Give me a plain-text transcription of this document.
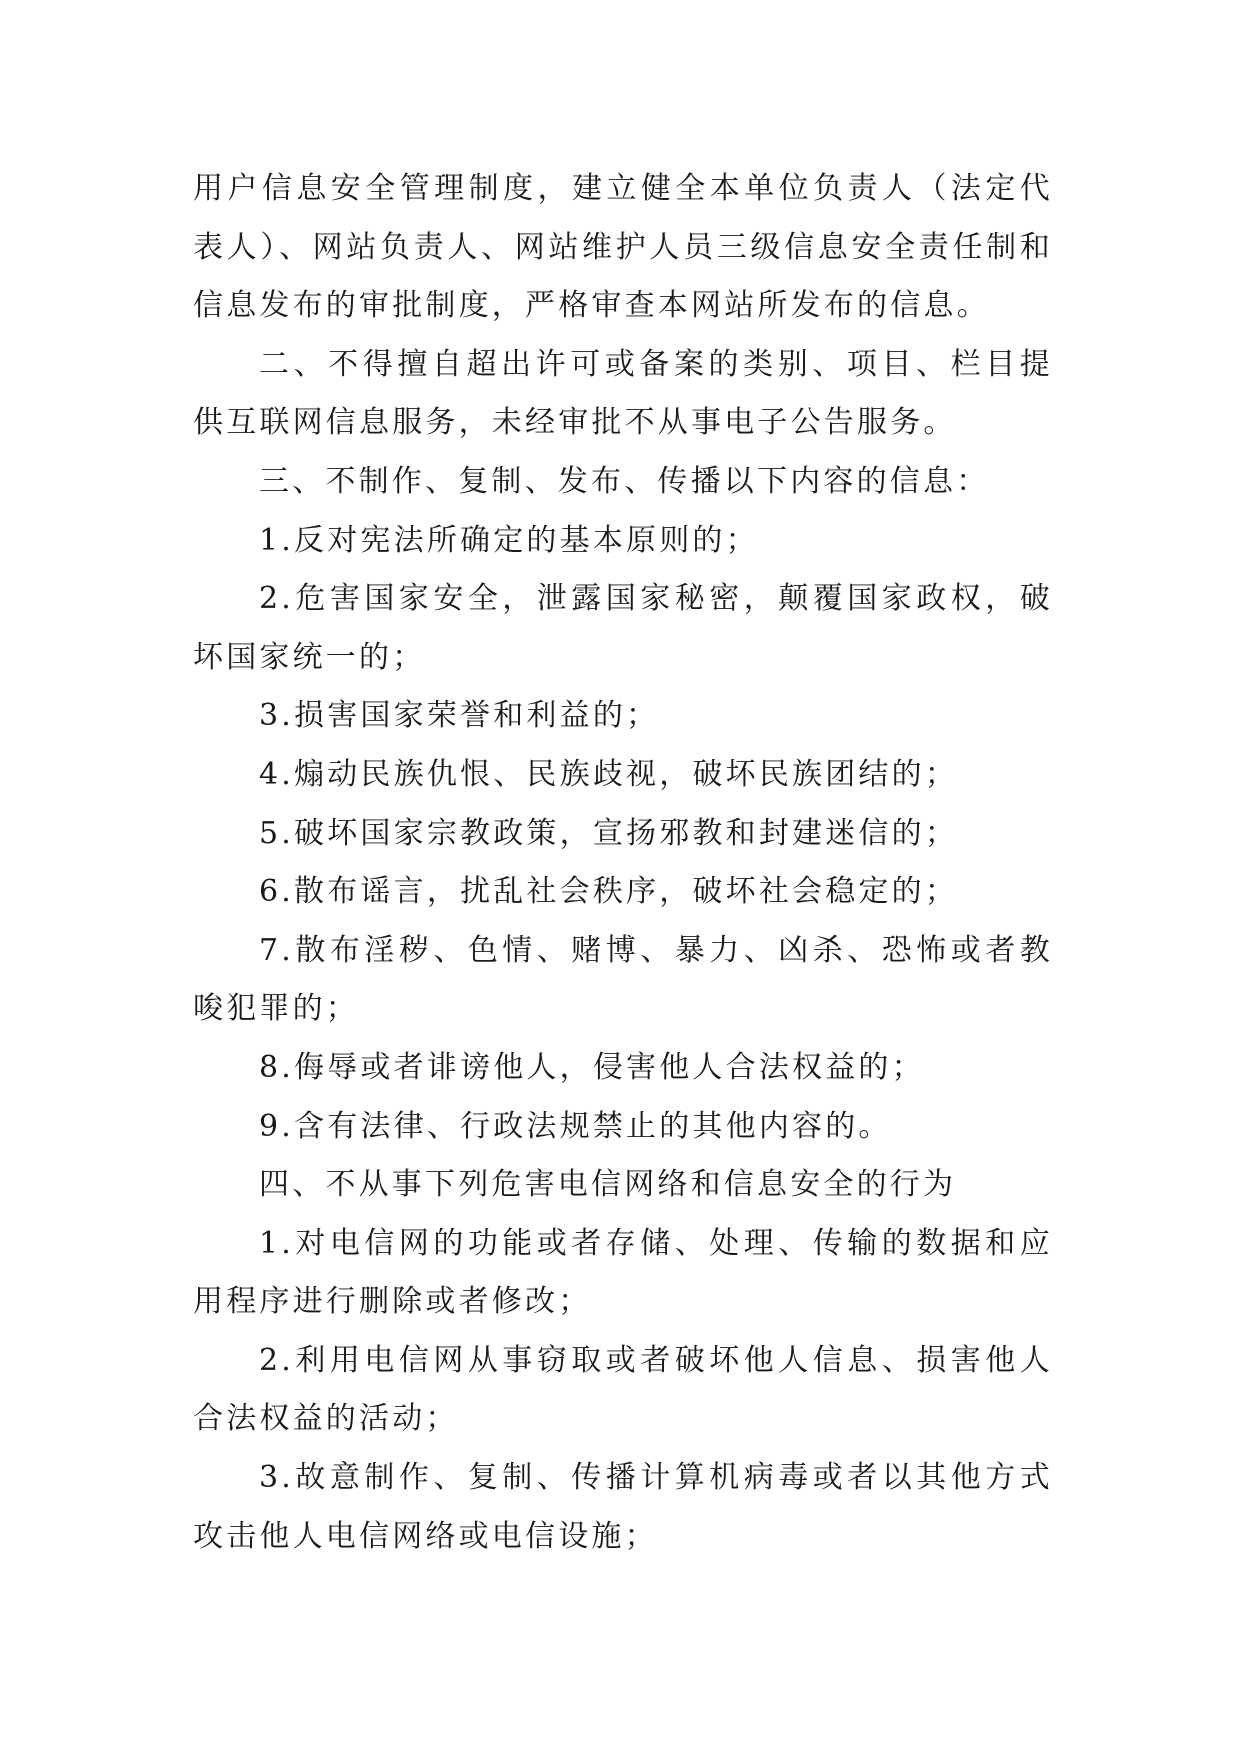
用户信息安全管理制度，建立健全本单位负责人（法定代表人）、网站负责人、网站维护人员三级信息安全责任制和信息发布的审批制度，严格审查本网站所发布的信息。

二、不得擅自超出许可或备案的类别、项目、栏目提供互联网信息服务，未经审批不从事电子公告服务。

三、不制作、复制、发布、传播以下内容的信息：

1.反对宪法所确定的基本原则的；

2.危害国家安全，泄露国家秘密，颠覆国家政权，破坏国家统一的；

3.损害国家荣誉和利益的；

4.煽动民族仇恨、民族歧视，破坏民族团结的；

5.破坏国家宗教政策，宣扬邪教和封建迷信的；

6.散布谣言，扰乱社会秩序，破坏社会稳定的；

7.散布淫秽、色情、赌博、暴力、凶杀、恐怖或者教唆犯罪的；

8.侮辱或者诽谤他人，侵害他人合法权益的；

9.含有法律、行政法规禁止的其他内容的。

四、不从事下列危害电信网络和信息安全的行为

1.对电信网的功能或者存储、处理、传输的数据和应用程序进行删除或者修改；

2.利用电信网从事窃取或者破坏他人信息、损害他人合法权益的活动；

3.故意制作、复制、传播计算机病毒或者以其他方式攻击他人电信网络或电信设施；
